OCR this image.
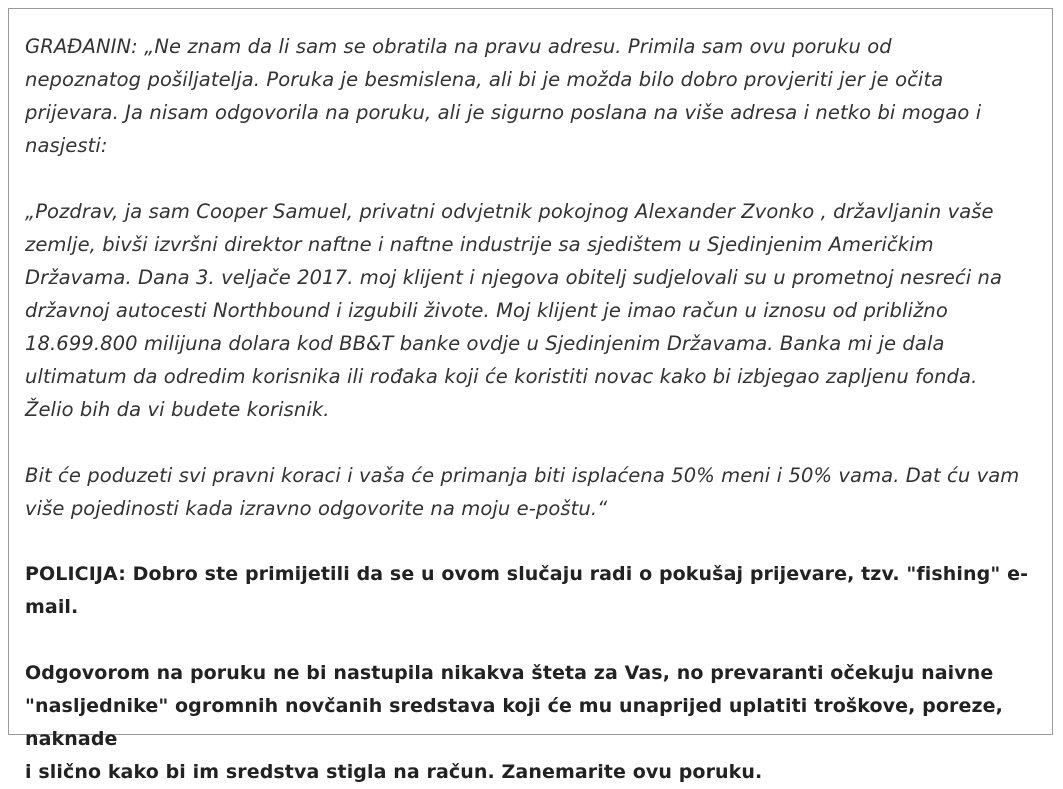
GRAĐANIN: „Ne znam da li sam se obratila na pravu adresu. Primila sam ovu poruku od
nepoznatog pošiljatelja. Poruka je besmislena, ali bi je možda bilo dobro provjeriti jer je očita
prijevara. Ja nisam odgovorila na poruku, ali je sigurno poslana na više adresa i netko bi mogao i
nasjesti:

„Pozdrav, ja sam Cooper Samuel, privatni odvjetnik pokojnog Alexander Zvonko , državljanin vaše
zemlje, bivši izvršni direktor naftne i naftne industrije sa sjedištem u Sjedinjenim Američkim
Državama. Dana 3. veljače 2017. moj klijent i njegova obitelj sudjelovali su u prometnoj nesreći na
državnoj autocesti Northbound i izgubili živote. Moj klijent je imao račun u iznosu od približno
18.699.800 milijuna dolara kod BB&T banke ovdje u Sjedinjenim Državama. Banka mi je dala
ultimatum da odredim korisnika ili rođaka koji će koristiti novac kako bi izbjegao zapljenu fonda.
Želio bih da vi budete korisnik.

Bit će poduzeti svi pravni koraci i vaša će primanja biti isplaćena 50% meni i 50% vama. Dat ću vam
više pojedinosti kada izravno odgovorite na moju e-poštu.“

POLICIJA: Dobro ste primijetili da se u ovom slučaju radi o pokušaj prijevare, tzv. "fishing" e-mail.

Odgovorom na poruku ne bi nastupila nikakva šteta za Vas, no prevaranti očekuju naivne
"nasljednike" ogromnih novčanih sredstava koji će mu unaprijed uplatiti troškove, poreze, naknade
i slično kako bi im sredstva stigla na račun. Zanemarite ovu poruku.
